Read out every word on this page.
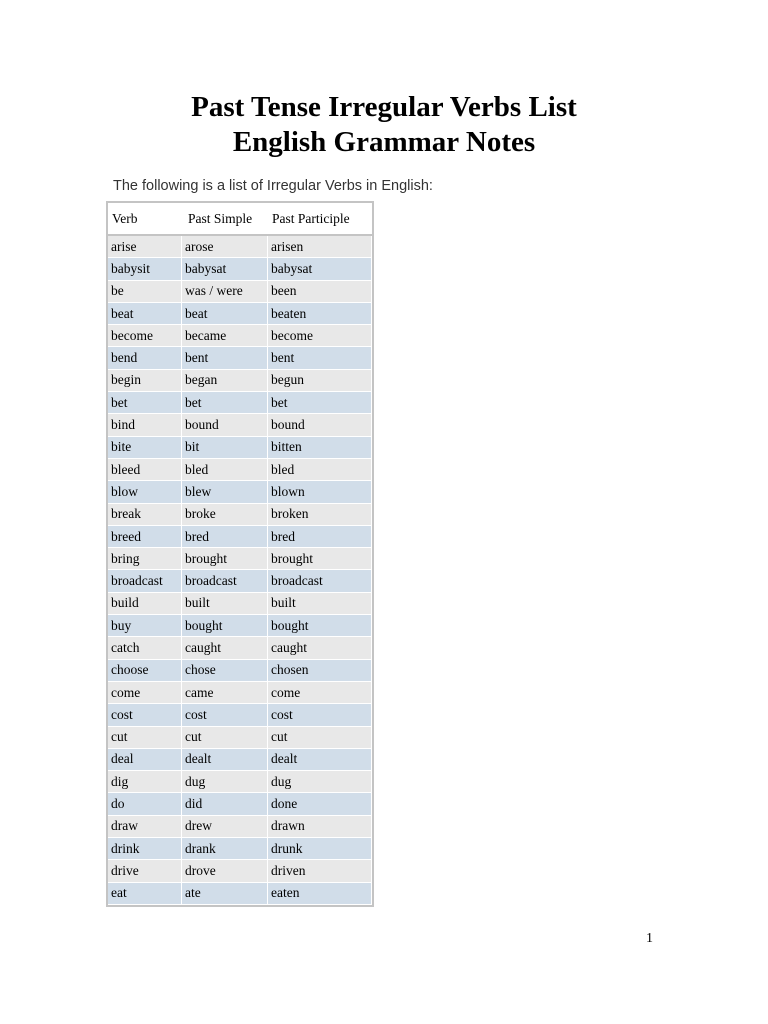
Past Tense Irregular Verbs List
English Grammar Notes
The following is a list of Irregular Verbs in English:
Verb	Past Simple	Past Participle
arise	arose	arisen
babysit	babysat	babysat
be	was / were	been
beat	beat	beaten
become	became	become
bend	bent	bent
begin	began	begun
bet	bet	bet
bind	bound	bound
bite	bit	bitten
bleed	bled	bled
blow	blew	blown
break	broke	broken
breed	bred	bred
bring	brought	brought
broadcast	broadcast	broadcast
build	built	built
buy	bought	bought
catch	caught	caught
choose	chose	chosen
come	came	come
cost	cost	cost
cut	cut	cut
deal	dealt	dealt
dig	dug	dug
do	did	done
draw	drew	drawn
drink	drank	drunk
drive	drove	driven
eat	ate	eaten
1
